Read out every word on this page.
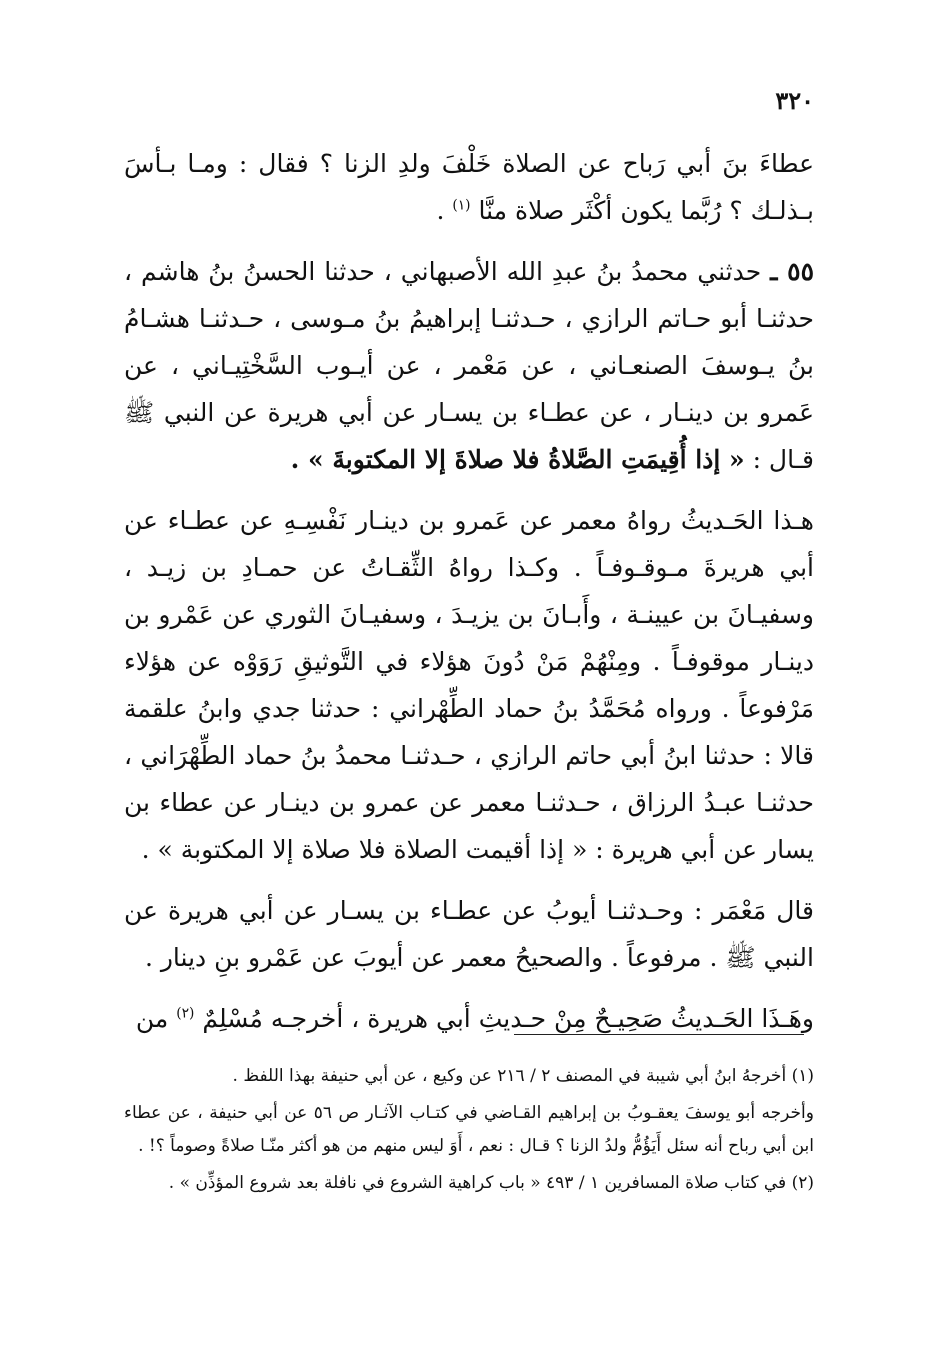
٣٢٠

عطاءَ بنَ أبي رَباح عن الصلاة خَلْفَ ولدِ الزنا ؟ فقال : ومـا بـأسَ بـذلـك ؟ رُبَّما يكون أكْثَر صلاة منَّا $^{(١)}$ .

٥٥ ـ حدثني محمدُ بنُ عبدِ الله الأصبهاني ، حدثنا الحسنُ بنُ هاشم ، حدثنـا أبو حـاتم الرازي ، حـدثنـا إبراهيمُ بنُ مـوسى ، حـدثنـا هشـامُ بنُ يـوسفَ الصنعـاني ، عن مَعْمر ، عن أيـوب السَّخْتِيـاني ، عن عَمرو بن دينـار ، عن عطـاء بن يسـار عن أبي هريرة عن النبي ﷺ قـال : « إذا أُقِيمَتِ الصَّلاةُ فلا صلاةَ إلا المكتوبةَ » .

هـذا الحَـديثُ رواهُ معمر عن عَمرو بن دينـار نَفْسِـهِ عن عطـاء عن أبي هريرةَ مـوقـوفـاً . وكـذا رواهُ الثِّقـاتُ عن حمـادِ بن زيـد ، وسفيـانَ بن عيينـة ، وأَبـانَ بن يزيـدَ ، وسفيـانَ الثوري عن عَمْرو بن دينـار موقوفـاً . ومِنْهُمْ مَنْ دُونَ هؤلاء في التَّوثيقِ رَوَوْه عن هؤلاء مَرْفوعاً . ورواه مُحَمَّدُ بنُ حماد الطِّهْراني : حدثنا جدي وابنُ علقمة قالا : حدثنا ابنُ أبي حاتم الرازي ، حـدثنـا محمدُ بنُ حماد الطِّهْرَاني ، حدثنـا عبـدُ الرزاق ، حـدثنـا معمر عن عمرو بن دينـار عن عطاء بن يسار عن أبي هريرة : « إذا أقيمت الصلاة فلا صلاة إلا المكتوبة » .

قال مَعْمَر : وحـدثنـا أيوبُ عن عطـاء بن يسـار عن أبي هريرة عن النبي ﷺ . مرفوعاً . والصحيحُ معمر عن أيوبَ عن عَمْرو بنِ دينار .

وهَـذَا الحَـديثُ صَحِيـحٌ مِنْ حـديثِ أبي هريرة ، أخرجـه مُسْلِمٌ $^{(٢)}$ من

(١) أخرجهُ ابنُ أبي شيبة في المصنف ٢ / ٢١٦ عن وكيع ، عن أبي حنيفة بهذا اللفظ .

وأخرجه أبو يوسفَ يعقـوبُ بن إبراهيم القـاضي في كتـاب الآثـار ص ٥٦ عن أبي حنيفة ، عن عطاء ابن أبي رباح أنه سئل أَيَؤُمُّ ولدُ الزنا ؟ قـال : نعم ، أَوَ ليس منهم من هو أكثر منّـا صلاةً وصوماً ؟! .

(٢) في كتاب صلاة المسافرين ١ / ٤٩٣ « باب كراهية الشروع في نافلة بعد شروع المؤذِّن » .
